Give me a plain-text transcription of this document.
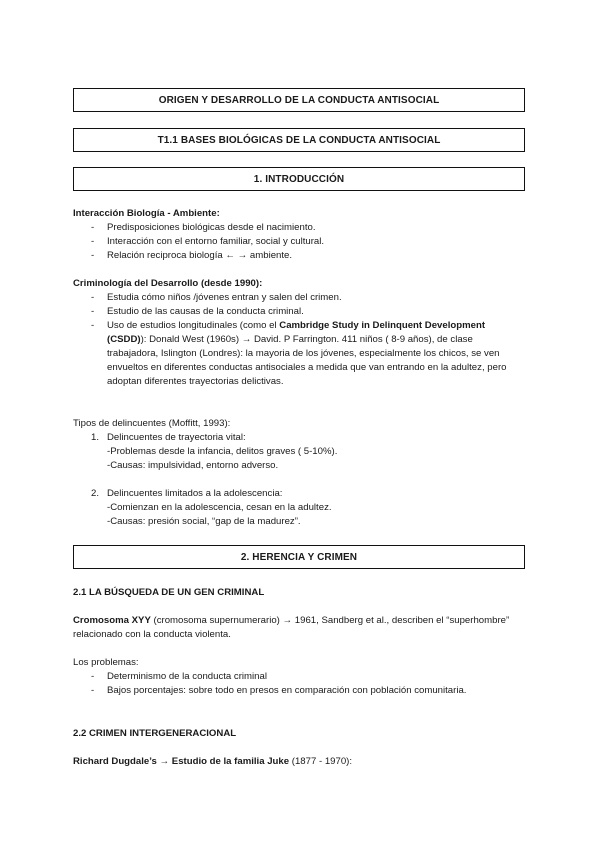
ORIGEN Y DESARROLLO DE LA CONDUCTA ANTISOCIAL
T1.1 BASES BIOLÓGICAS DE LA CONDUCTA ANTISOCIAL
1. INTRODUCCIÓN
Interacción Biología - Ambiente:
- Predisposiciones biológicas desde el nacimiento.
- Interacción con el entorno familiar, social y cultural.
- Relación reciproca biología ← → ambiente.
Criminología del Desarrollo (desde 1990):
- Estudia cómo niños /jóvenes entran y salen del crimen.
- Estudio de las causas de la conducta criminal.
- Uso de estudios longitudinales (como el Cambridge Study in Delinquent Development (CSDD)): Donald West (1960s) → David. P Farrington. 411 niños ( 8-9 años), de clase trabajadora, Islington (Londres): la mayoria de los jóvenes, especialmente los chicos, se ven envueltos en diferentes conductas antisociales a medida que van entrando en la adultez, pero adoptan diferentes trayectorias delictivas.
Tipos de delincuentes (Moffitt, 1993):
1. Delincuentes de trayectoria vital:
-Problemas desde la infancia, delitos graves ( 5-10%).
-Causas: impulsividad, entorno adverso.
2. Delincuentes limitados a la adolescencia:
-Comienzan en la adolescencia, cesan en la adultez.
-Causas: presión social, “gap de la madurez”.
2. HERENCIA Y CRIMEN
2.1 LA BÚSQUEDA DE UN GEN CRIMINAL
Cromosoma XYY (cromosoma supernumerario) → 1961, Sandberg et al., describen el “superhombre” relacionado con la conducta violenta.
Los problemas:
- Determinismo de la conducta criminal
- Bajos porcentajes: sobre todo en presos en comparación con población comunitaria.
2.2 CRIMEN INTERGENERACIONAL
Richard Dugdale’s → Estudio de la familia Juke (1877 - 1970):
